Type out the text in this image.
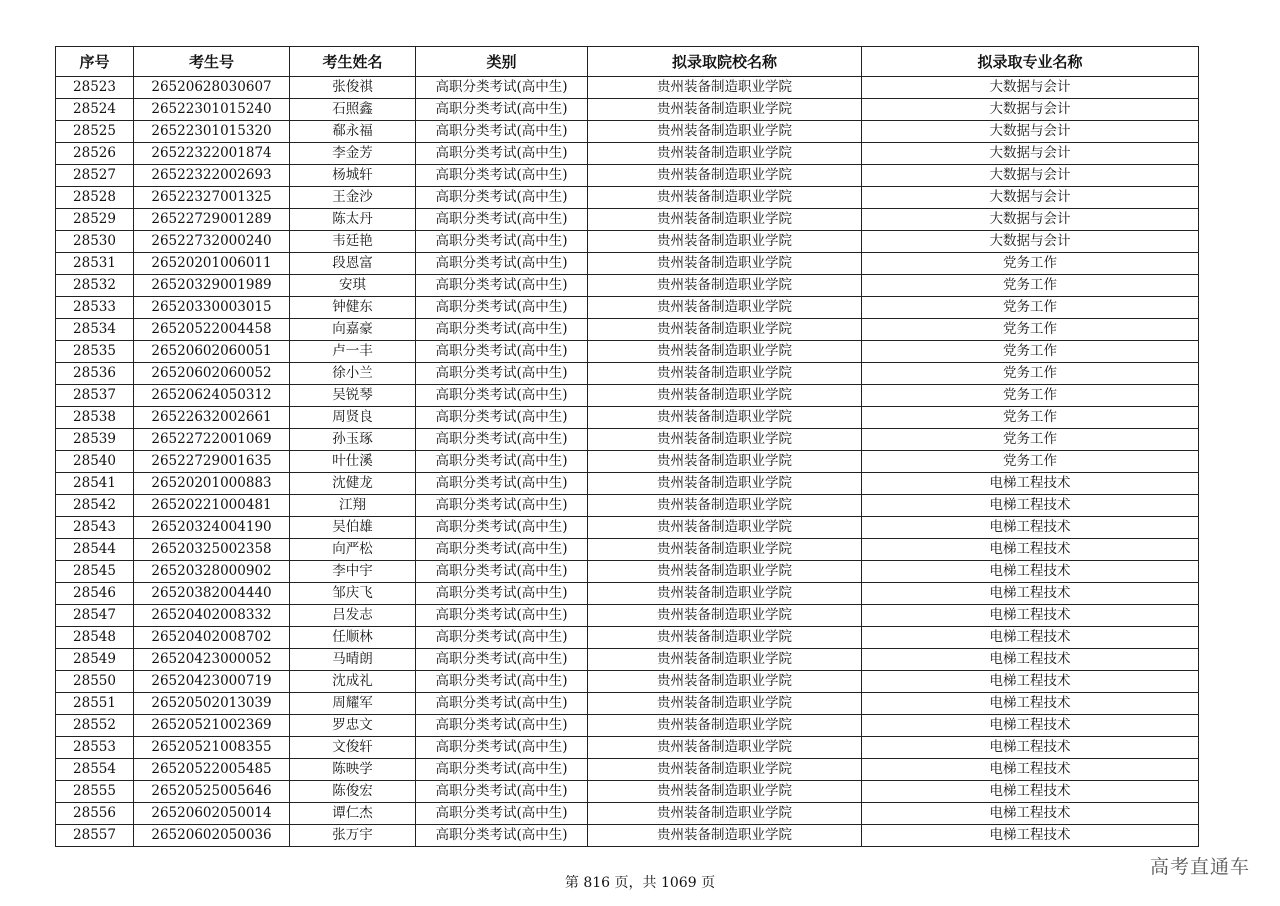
序号	考生号	考生姓名	类别	拟录取院校名称	拟录取专业名称
28523	26520628030607	张俊祺	高职分类考试(高中生)	贵州装备制造职业学院	大数据与会计
28524	26522301015240	石照鑫	高职分类考试(高中生)	贵州装备制造职业学院	大数据与会计
28525	26522301015320	郗永福	高职分类考试(高中生)	贵州装备制造职业学院	大数据与会计
28526	26522322001874	李金芳	高职分类考试(高中生)	贵州装备制造职业学院	大数据与会计
28527	26522322002693	杨城轩	高职分类考试(高中生)	贵州装备制造职业学院	大数据与会计
28528	26522327001325	王金沙	高职分类考试(高中生)	贵州装备制造职业学院	大数据与会计
28529	26522729001289	陈太丹	高职分类考试(高中生)	贵州装备制造职业学院	大数据与会计
28530	26522732000240	韦廷艳	高职分类考试(高中生)	贵州装备制造职业学院	大数据与会计
28531	26520201006011	段恩富	高职分类考试(高中生)	贵州装备制造职业学院	党务工作
28532	26520329001989	安琪	高职分类考试(高中生)	贵州装备制造职业学院	党务工作
28533	26520330003015	钟健东	高职分类考试(高中生)	贵州装备制造职业学院	党务工作
28534	26520522004458	向嘉豪	高职分类考试(高中生)	贵州装备制造职业学院	党务工作
28535	26520602060051	卢一丰	高职分类考试(高中生)	贵州装备制造职业学院	党务工作
28536	26520602060052	徐小兰	高职分类考试(高中生)	贵州装备制造职业学院	党务工作
28537	26520624050312	吴锐琴	高职分类考试(高中生)	贵州装备制造职业学院	党务工作
28538	26522632002661	周贤良	高职分类考试(高中生)	贵州装备制造职业学院	党务工作
28539	26522722001069	孙玉琢	高职分类考试(高中生)	贵州装备制造职业学院	党务工作
28540	26522729001635	叶仕溪	高职分类考试(高中生)	贵州装备制造职业学院	党务工作
28541	26520201000883	沈健龙	高职分类考试(高中生)	贵州装备制造职业学院	电梯工程技术
28542	26520221000481	江翔	高职分类考试(高中生)	贵州装备制造职业学院	电梯工程技术
28543	26520324004190	吴伯雄	高职分类考试(高中生)	贵州装备制造职业学院	电梯工程技术
28544	26520325002358	向严松	高职分类考试(高中生)	贵州装备制造职业学院	电梯工程技术
28545	26520328000902	李中宇	高职分类考试(高中生)	贵州装备制造职业学院	电梯工程技术
28546	26520382004440	邹庆飞	高职分类考试(高中生)	贵州装备制造职业学院	电梯工程技术
28547	26520402008332	吕发志	高职分类考试(高中生)	贵州装备制造职业学院	电梯工程技术
28548	26520402008702	任顺林	高职分类考试(高中生)	贵州装备制造职业学院	电梯工程技术
28549	26520423000052	马晴朗	高职分类考试(高中生)	贵州装备制造职业学院	电梯工程技术
28550	26520423000719	沈成礼	高职分类考试(高中生)	贵州装备制造职业学院	电梯工程技术
28551	26520502013039	周耀军	高职分类考试(高中生)	贵州装备制造职业学院	电梯工程技术
28552	26520521002369	罗忠文	高职分类考试(高中生)	贵州装备制造职业学院	电梯工程技术
28553	26520521008355	文俊轩	高职分类考试(高中生)	贵州装备制造职业学院	电梯工程技术
28554	26520522005485	陈映学	高职分类考试(高中生)	贵州装备制造职业学院	电梯工程技术
28555	26520525005646	陈俊宏	高职分类考试(高中生)	贵州装备制造职业学院	电梯工程技术
28556	26520602050014	谭仁杰	高职分类考试(高中生)	贵州装备制造职业学院	电梯工程技术
28557	26520602050036	张万宇	高职分类考试(高中生)	贵州装备制造职业学院	电梯工程技术
第 816 页，共 1069 页
高考直通车
